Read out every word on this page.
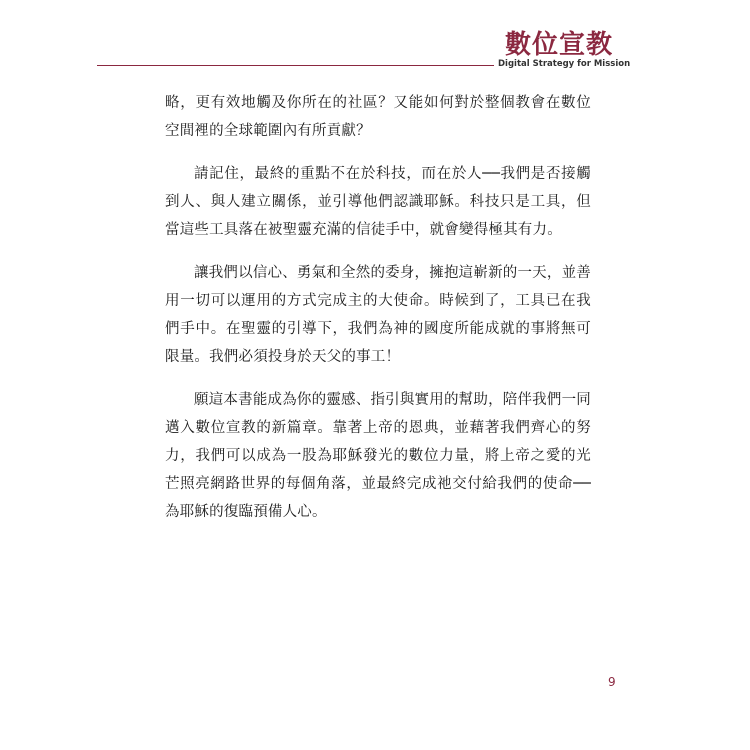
數位宣教
Digital Strategy for Mission

略，更有效地觸及你所在的社區？又能如何對於整個教會在數位空間裡的全球範圍內有所貢獻？

請記住，最終的重點不在於科技，而在於人──我們是否接觸到人、與人建立關係，並引導他們認識耶穌。科技只是工具，但當這些工具落在被聖靈充滿的信徒手中，就會變得極其有力。

讓我們以信心、勇氣和全然的委身，擁抱這嶄新的一天，並善用一切可以運用的方式完成主的大使命。時候到了，工具已在我們手中。在聖靈的引導下，我們為神的國度所能成就的事將無可限量。我們必須投身於天父的事工！

願這本書能成為你的靈感、指引與實用的幫助，陪伴我們一同邁入數位宣教的新篇章。靠著上帝的恩典，並藉著我們齊心的努力，我們可以成為一股為耶穌發光的數位力量，將上帝之愛的光芒照亮網路世界的每個角落，並最終完成祂交付給我們的使命──為耶穌的復臨預備人心。

9
